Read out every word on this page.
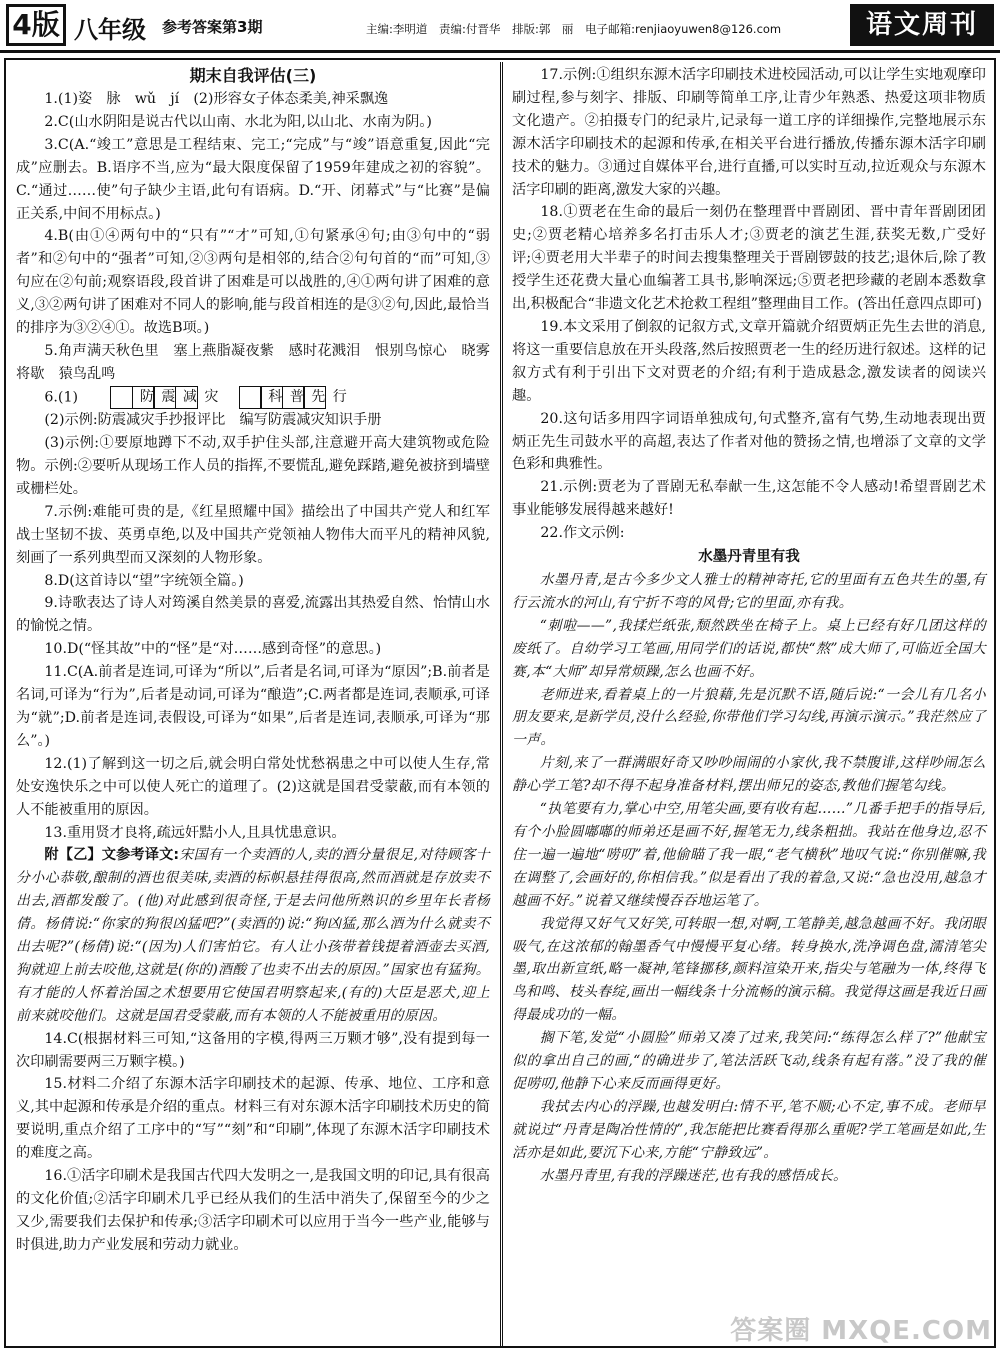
4版 八年级 参考答案第3期	主编:李明道 责编:付晋华 排版:郭　丽 电子邮箱:renjiaoyuwen8@126.com	语文周刊
期末自我评估(三)

1.(1)姿　脉　wǔ　jí　(2)形容女子体态柔美,神采飘逸

2.C(山水阴阳是说古代以山南、水北为阳,以山北、水南为阴。)

3.C(A.“竣工”意思是工程结束、完工;“完成”与“竣”语意重复,因此“完成”应删去。B.语序不当,应为“最大限度保留了1959年建成之初的容貌”。C.“通过……使”句子缺少主语,此句有语病。D.“开、闭幕式”与“比赛”是偏正关系,中间不用标点。)

4.B(由①④两句中的“只有”“才”可知,①句紧承④句;由③句中的“弱者”和②句中的“强者”可知,②③两句是相邻的,结合②句句首的“而”可知,③句应在②句前;观察语段,段首讲了困难是可以战胜的,④①两句讲了困难的意义,③②两句讲了困难对不同人的影响,能与段首相连的是③②句,因此,最恰当的排序为③②④①。故选B项。)

5.角声满天秋色里　塞上燕脂凝夜紫　感时花溅泪　恨别鸟惊心　晓雾将歇　猿鸟乱鸣

6.(1)	防 震 减 灾	科 普 先 行

(2)示例:防震减灾手抄报评比　编写防震减灾知识手册

(3)示例:①要原地蹲下不动,双手护住头部,注意避开高大建筑物或危险物。示例:②要听从现场工作人员的指挥,不要慌乱,避免踩踏,避免被挤到墙壁或栅栏处。

7.示例:难能可贵的是,《红星照耀中国》描绘出了中国共产党人和红军战士坚韧不拔、英勇卓绝,以及中国共产党领袖人物伟大而平凡的精神风貌,刻画了一系列典型而又深刻的人物形象。

8.D(这首诗以“望”字统领全篇。)

9.诗歌表达了诗人对筠溪自然美景的喜爱,流露出其热爱自然、怡情山水的愉悦之情。

10.D(“怪其故”中的“怪”是“对……感到奇怪”的意思。)

11.C(A.前者是连词,可译为“所以”,后者是名词,可译为“原因”;B.前者是名词,可译为“行为”,后者是动词,可译为“酿造”;C.两者都是连词,表顺承,可译为“就”;D.前者是连词,表假设,可译为“如果”,后者是连词,表顺承,可译为“那么”。)

12.(1)了解到这一切之后,就会明白常处忧愁祸患之中可以使人生存,常处安逸快乐之中可以使人死亡的道理了。(2)这就是国君受蒙蔽,而有本领的人不能被重用的原因。

13.重用贤才良将,疏远奸黠小人,且具忧患意识。

附【乙】文参考译文:宋国有一个卖酒的人,卖的酒分量很足,对待顾客十分小心恭敬,酿制的酒也很美味,卖酒的标帜悬挂得很高,然而酒就是存放卖不出去,酒都发酸了。(他)对此感到很奇怪,于是去问他所熟识的乡里年长者杨倩。杨倩说:“你家的狗很凶猛吧?”(卖酒的)说:“狗凶猛,那么酒为什么就卖不出去呢?”(杨倩)说:“(因为)人们害怕它。有人让小孩带着钱提着酒壶去买酒,狗就迎上前去咬他,这就是(你的)酒酸了也卖不出去的原因。”国家也有猛狗。有才能的人怀着治国之术想要用它使国君明察起来,(有的)大臣是恶犬,迎上前来就咬他们。这就是国君受蒙蔽,而有本领的人不能被重用的原因。

14.C(根据材料三可知,“这备用的字模,得两三万颗才够”,没有提到每一次印刷需要两三万颗字模。)

15.材料二介绍了东源木活字印刷技术的起源、传承、地位、工序和意义,其中起源和传承是介绍的重点。材料三有对东源木活字印刷技术历史的简要说明,重点介绍了工序中的“写”“刻”和“印刷”,体现了东源木活字印刷技术的难度之高。

16.①活字印刷术是我国古代四大发明之一,是我国文明的印记,具有很高的文化价值;②活字印刷术几乎已经从我们的生活中消失了,保留至今的少之又少,需要我们去保护和传承;③活字印刷术可以应用于当今一些产业,能够与时俱进,助力产业发展和劳动力就业。

17.示例:①组织东源木活字印刷技术进校园活动,可以让学生实地观摩印刷过程,参与刻字、排版、印刷等简单工序,让青少年熟悉、热爱这项非物质文化遗产。②拍摄专门的纪录片,记录每一道工序的详细操作,完整地展示东源木活字印刷技术的起源和传承,在相关平台进行播放,传播东源木活字印刷技术的魅力。③通过自媒体平台,进行直播,可以实时互动,拉近观众与东源木活字印刷的距离,激发大家的兴趣。

18.①贾老在生命的最后一刻仍在整理晋中晋剧团、晋中青年晋剧团团史;②贾老精心培养多名打击乐人才;③贾老的演艺生涯,获奖无数,广受好评;④贾老用大半辈子的时间去搜集整理关于晋剧锣鼓的技艺;退休后,除了教授学生还花费大量心血编著工具书,影响深远;⑤贾老把珍藏的老剧本悉数拿出,积极配合“非遗文化艺术抢救工程组”整理曲目工作。(答出任意四点即可)

19.本文采用了倒叙的记叙方式,文章开篇就介绍贾炳正先生去世的消息,将这一重要信息放在开头段落,然后按照贾老一生的经历进行叙述。这样的记叙方式有利于引出下文对贾老的介绍;有利于造成悬念,激发读者的阅读兴趣。

20.这句话多用四字词语单独成句,句式整齐,富有气势,生动地表现出贾炳正先生司鼓水平的高超,表达了作者对他的赞扬之情,也增添了文章的文学色彩和典雅性。

21.示例:贾老为了晋剧无私奉献一生,这怎能不令人感动!希望晋剧艺术事业能够发展得越来越好!

22.作文示例:

水墨丹青里有我

水墨丹青,是古今多少文人雅士的精神寄托,它的里面有五色共生的墨,有行云流水的河山,有宁折不弯的风骨;它的里面,亦有我。

“刺啦——”,我揉烂纸张,颓然跌坐在椅子上。桌上已经有好几团这样的废纸了。自幼学习工笔画,用同学们的话说,都快“熬”成大师了,可临近全国大赛,本“大师”却异常烦躁,怎么也画不好。

老师进来,看着桌上的一片狼藉,先是沉默不语,随后说:“一会儿有几名小朋友要来,是新学员,没什么经验,你带他们学习勾线,再演示演示。”我茫然应了一声。

片刻,来了一群满眼好奇又吵吵闹闹的小家伙,我不禁腹诽,这样吵闹怎么静心学工笔?却不得不起身准备材料,摆出师兄的姿态,教他们握笔勾线。

“执笔要有力,掌心中空,用笔尖画,要有收有起……”几番手把手的指导后,有个小脸圆嘟嘟的师弟还是画不好,握笔无力,线条粗拙。我站在他身边,忍不住一遍一遍地“唠叨”着,他偷瞄了我一眼,“老气横秋”地叹气说:“你别催嘛,我在调整了,会画好的,你相信我。”似是看出了我的着急,又说:“急也没用,越急才越画不好。”说着又继续慢吞吞地运笔了。

我觉得又好气又好笑,可转眼一想,对啊,工笔静美,越急越画不好。我闭眼吸气,在这浓郁的翰墨香气中慢慢平复心绪。转身换水,洗净调色盘,濡清笔尖墨,取出新宣纸,略一凝神,笔锋挪移,颜料渲染开来,指尖与笔融为一体,终得飞鸟和鸣、枝头春绽,画出一幅线条十分流畅的演示稿。我觉得这画是我近日画得最成功的一幅。

搁下笔,发觉“小圆脸”师弟又凑了过来,我笑问:“练得怎么样了?”他献宝似的拿出自己的画,“的确进步了,笔法活跃飞动,线条有起有落。”没了我的催促唠叨,他静下心来反而画得更好。

我拭去内心的浮躁,也越发明白:情不平,笔不顺;心不定,事不成。老师早就说过“丹青是陶冶性情的”,我怎能把比赛看得那么重呢?学工笔画是如此,生活亦是如此,要沉下心来,方能“宁静致远”。

水墨丹青里,有我的浮躁迷茫,也有我的感悟成长。

答案圈 MXQE.COM
